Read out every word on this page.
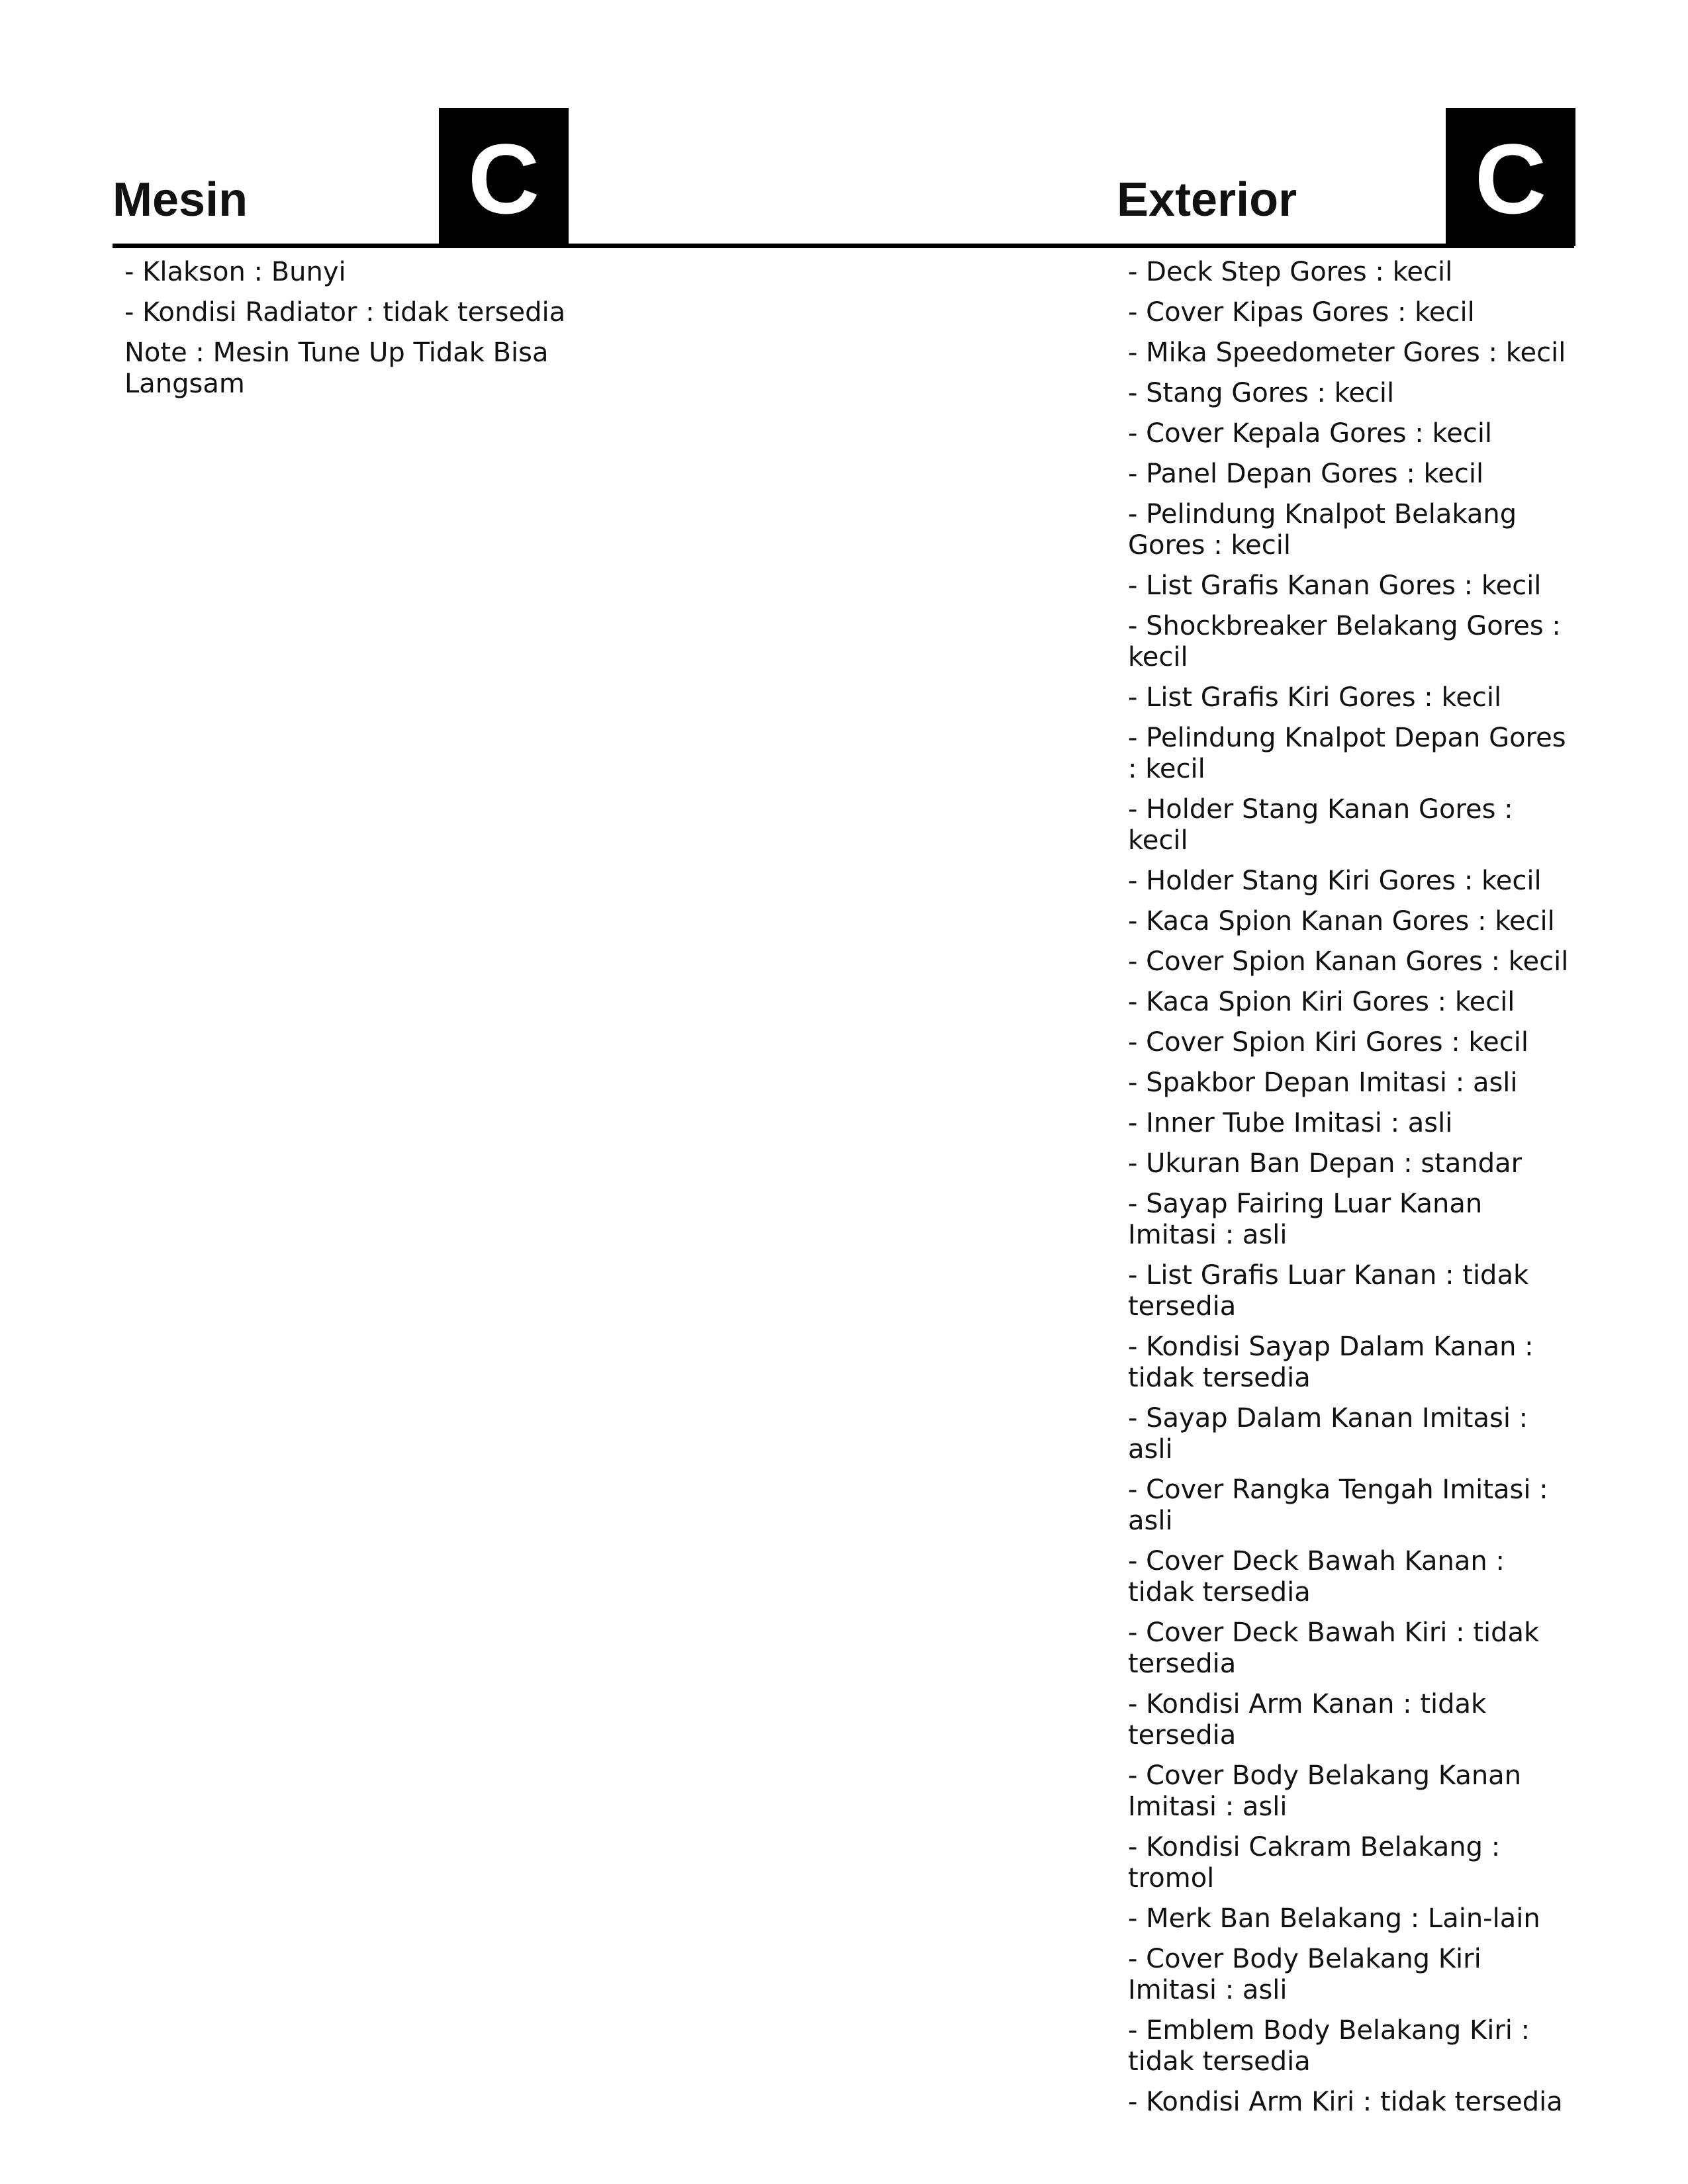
Mesin C	Exterior C
- Klakson : Bunyi
- Kondisi Radiator : tidak tersedia
Note : Mesin Tune Up Tidak Bisa Langsam
- Deck Step Gores : kecil
- Cover Kipas Gores : kecil
- Mika Speedometer Gores : kecil
- Stang Gores : kecil
- Cover Kepala Gores : kecil
- Panel Depan Gores : kecil
- Pelindung Knalpot Belakang Gores : kecil
- List Grafis Kanan Gores : kecil
- Shockbreaker Belakang Gores : kecil
- List Grafis Kiri Gores : kecil
- Pelindung Knalpot Depan Gores : kecil
- Holder Stang Kanan Gores : kecil
- Holder Stang Kiri Gores : kecil
- Kaca Spion Kanan Gores : kecil
- Cover Spion Kanan Gores : kecil
- Kaca Spion Kiri Gores : kecil
- Cover Spion Kiri Gores : kecil
- Spakbor Depan Imitasi : asli
- Inner Tube Imitasi : asli
- Ukuran Ban Depan : standar
- Sayap Fairing Luar Kanan Imitasi : asli
- List Grafis Luar Kanan : tidak tersedia
- Kondisi Sayap Dalam Kanan : tidak tersedia
- Sayap Dalam Kanan Imitasi : asli
- Cover Rangka Tengah Imitasi : asli
- Cover Deck Bawah Kanan : tidak tersedia
- Cover Deck Bawah Kiri : tidak tersedia
- Kondisi Arm Kanan : tidak tersedia
- Cover Body Belakang Kanan Imitasi : asli
- Kondisi Cakram Belakang : tromol
- Merk Ban Belakang : Lain-lain
- Cover Body Belakang Kiri Imitasi : asli
- Emblem Body Belakang Kiri : tidak tersedia
- Kondisi Arm Kiri : tidak tersedia
